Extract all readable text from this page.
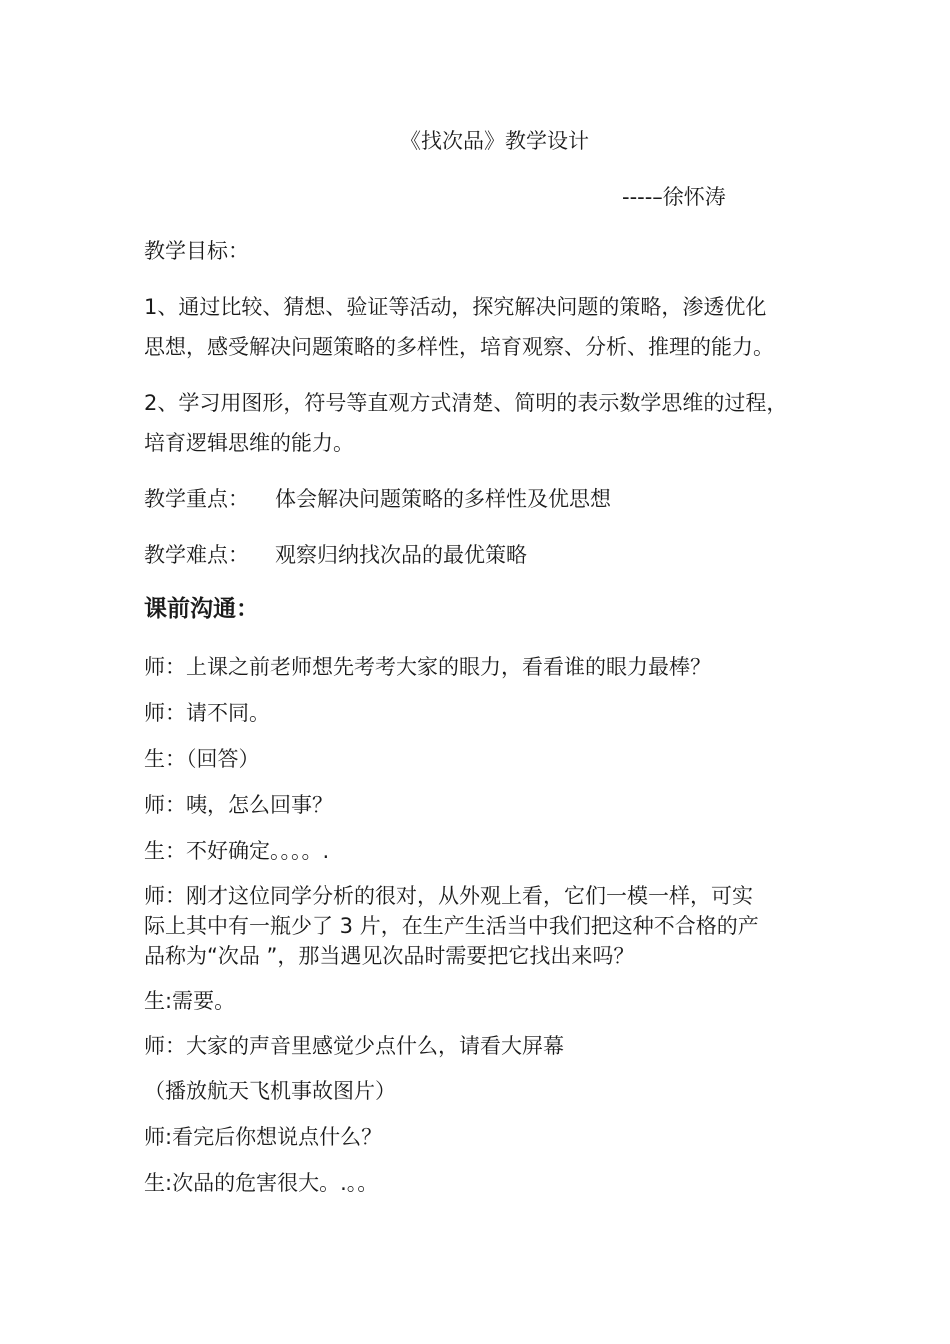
《找次品》教学设计
----–徐怀涛
教学目标：
1、通过比较、猜想、验证等活动，探究解决问题的策略，渗透优化
思想，感受解决问题策略的多样性，培育观察、分析、推理的能力。
2、学习用图形，符号等直观方式清楚、简明的表示数学思维的过程，
培育逻辑思维的能力。
教学重点： 体会解决问题策略的多样性及优思想
教学难点： 观察归纳找次品的最优策略
课前沟通：
师：上课之前老师想先考考大家的眼力，看看谁的眼力最棒？
师：请不同。
生：（回答）
师：咦，怎么回事？
生：不好确定。。。。.
师：刚才这位同学分析的很对，从外观上看，它们一模一样，可实
际上其中有一瓶少了 3 片，在生产生活当中我们把这种不合格的产
品称为“次品 ”，那当遇见次品时需要把它找出来吗？
生:需要。
师：大家的声音里感觉少点什么，请看大屏幕
（播放航天飞机事故图片）
师:看完后你想说点什么？
生:次品的危害很大。.。。
